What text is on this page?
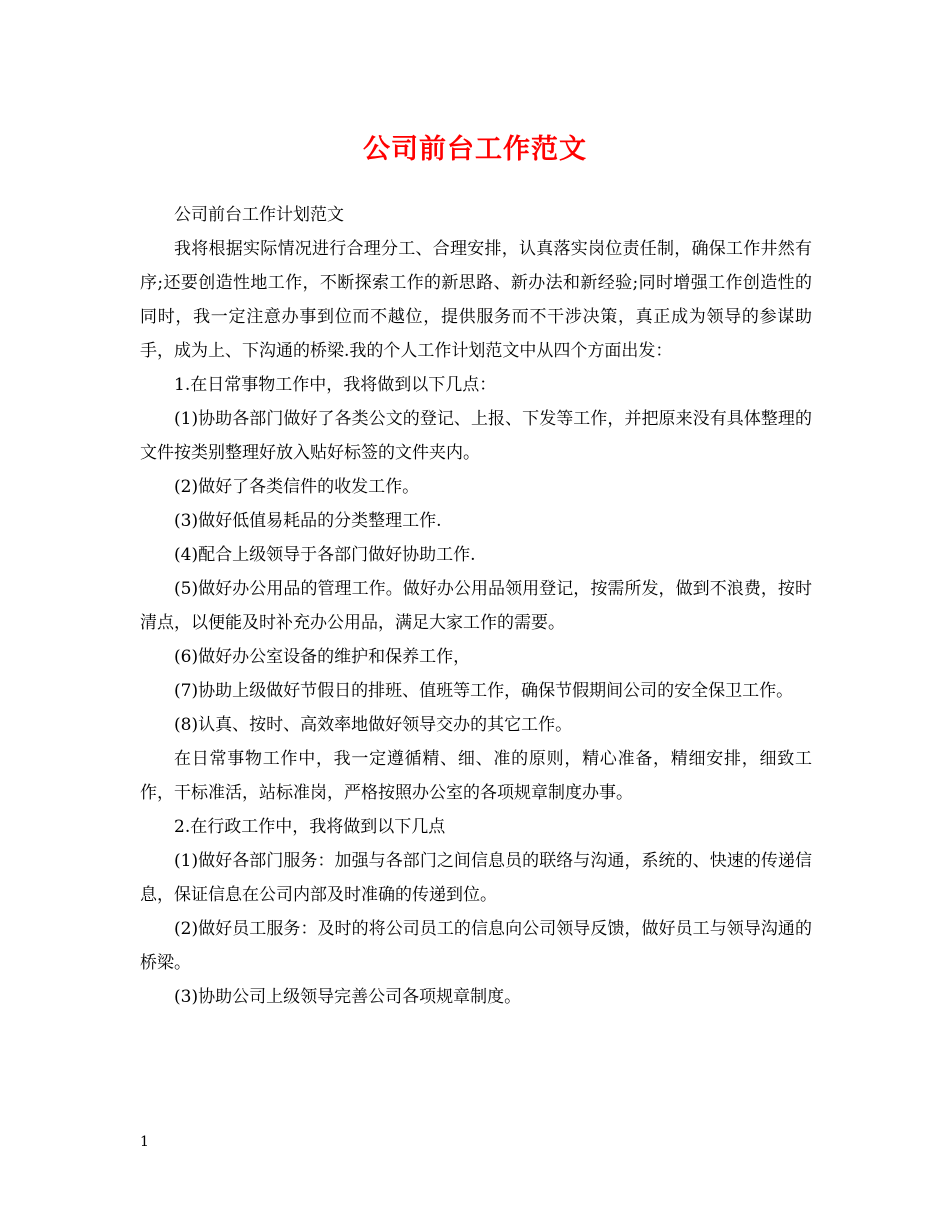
公司前台工作范文

公司前台工作计划范文

我将根据实际情况进行合理分工、合理安排，认真落实岗位责任制，确保工作井然有序;还要创造性地工作，不断探索工作的新思路、新办法和新经验;同时增强工作创造性的同时，我一定注意办事到位而不越位，提供服务而不干涉决策，真正成为领导的参谋助手，成为上、下沟通的桥梁.我的个人工作计划范文中从四个方面出发：

1.在日常事物工作中，我将做到以下几点：

(1)协助各部门做好了各类公文的登记、上报、下发等工作，并把原来没有具体整理的文件按类别整理好放入贴好标签的文件夹内。

(2)做好了各类信件的收发工作。

(3)做好低值易耗品的分类整理工作.

(4)配合上级领导于各部门做好协助工作.

(5)做好办公用品的管理工作。做好办公用品领用登记，按需所发，做到不浪费，按时清点，以便能及时补充办公用品，满足大家工作的需要。

(6)做好办公室设备的维护和保养工作，

(7)协助上级做好节假日的排班、值班等工作，确保节假期间公司的安全保卫工作。

(8)认真、按时、高效率地做好领导交办的其它工作。

在日常事物工作中，我一定遵循精、细、准的原则，精心准备，精细安排，细致工作，干标准活，站标准岗，严格按照办公室的各项规章制度办事。

2.在行政工作中，我将做到以下几点

(1)做好各部门服务：加强与各部门之间信息员的联络与沟通，系统的、快速的传递信息，保证信息在公司内部及时准确的传递到位。

(2)做好员工服务：及时的将公司员工的信息向公司领导反馈，做好员工与领导沟通的桥梁。

(3)协助公司上级领导完善公司各项规章制度。

1
